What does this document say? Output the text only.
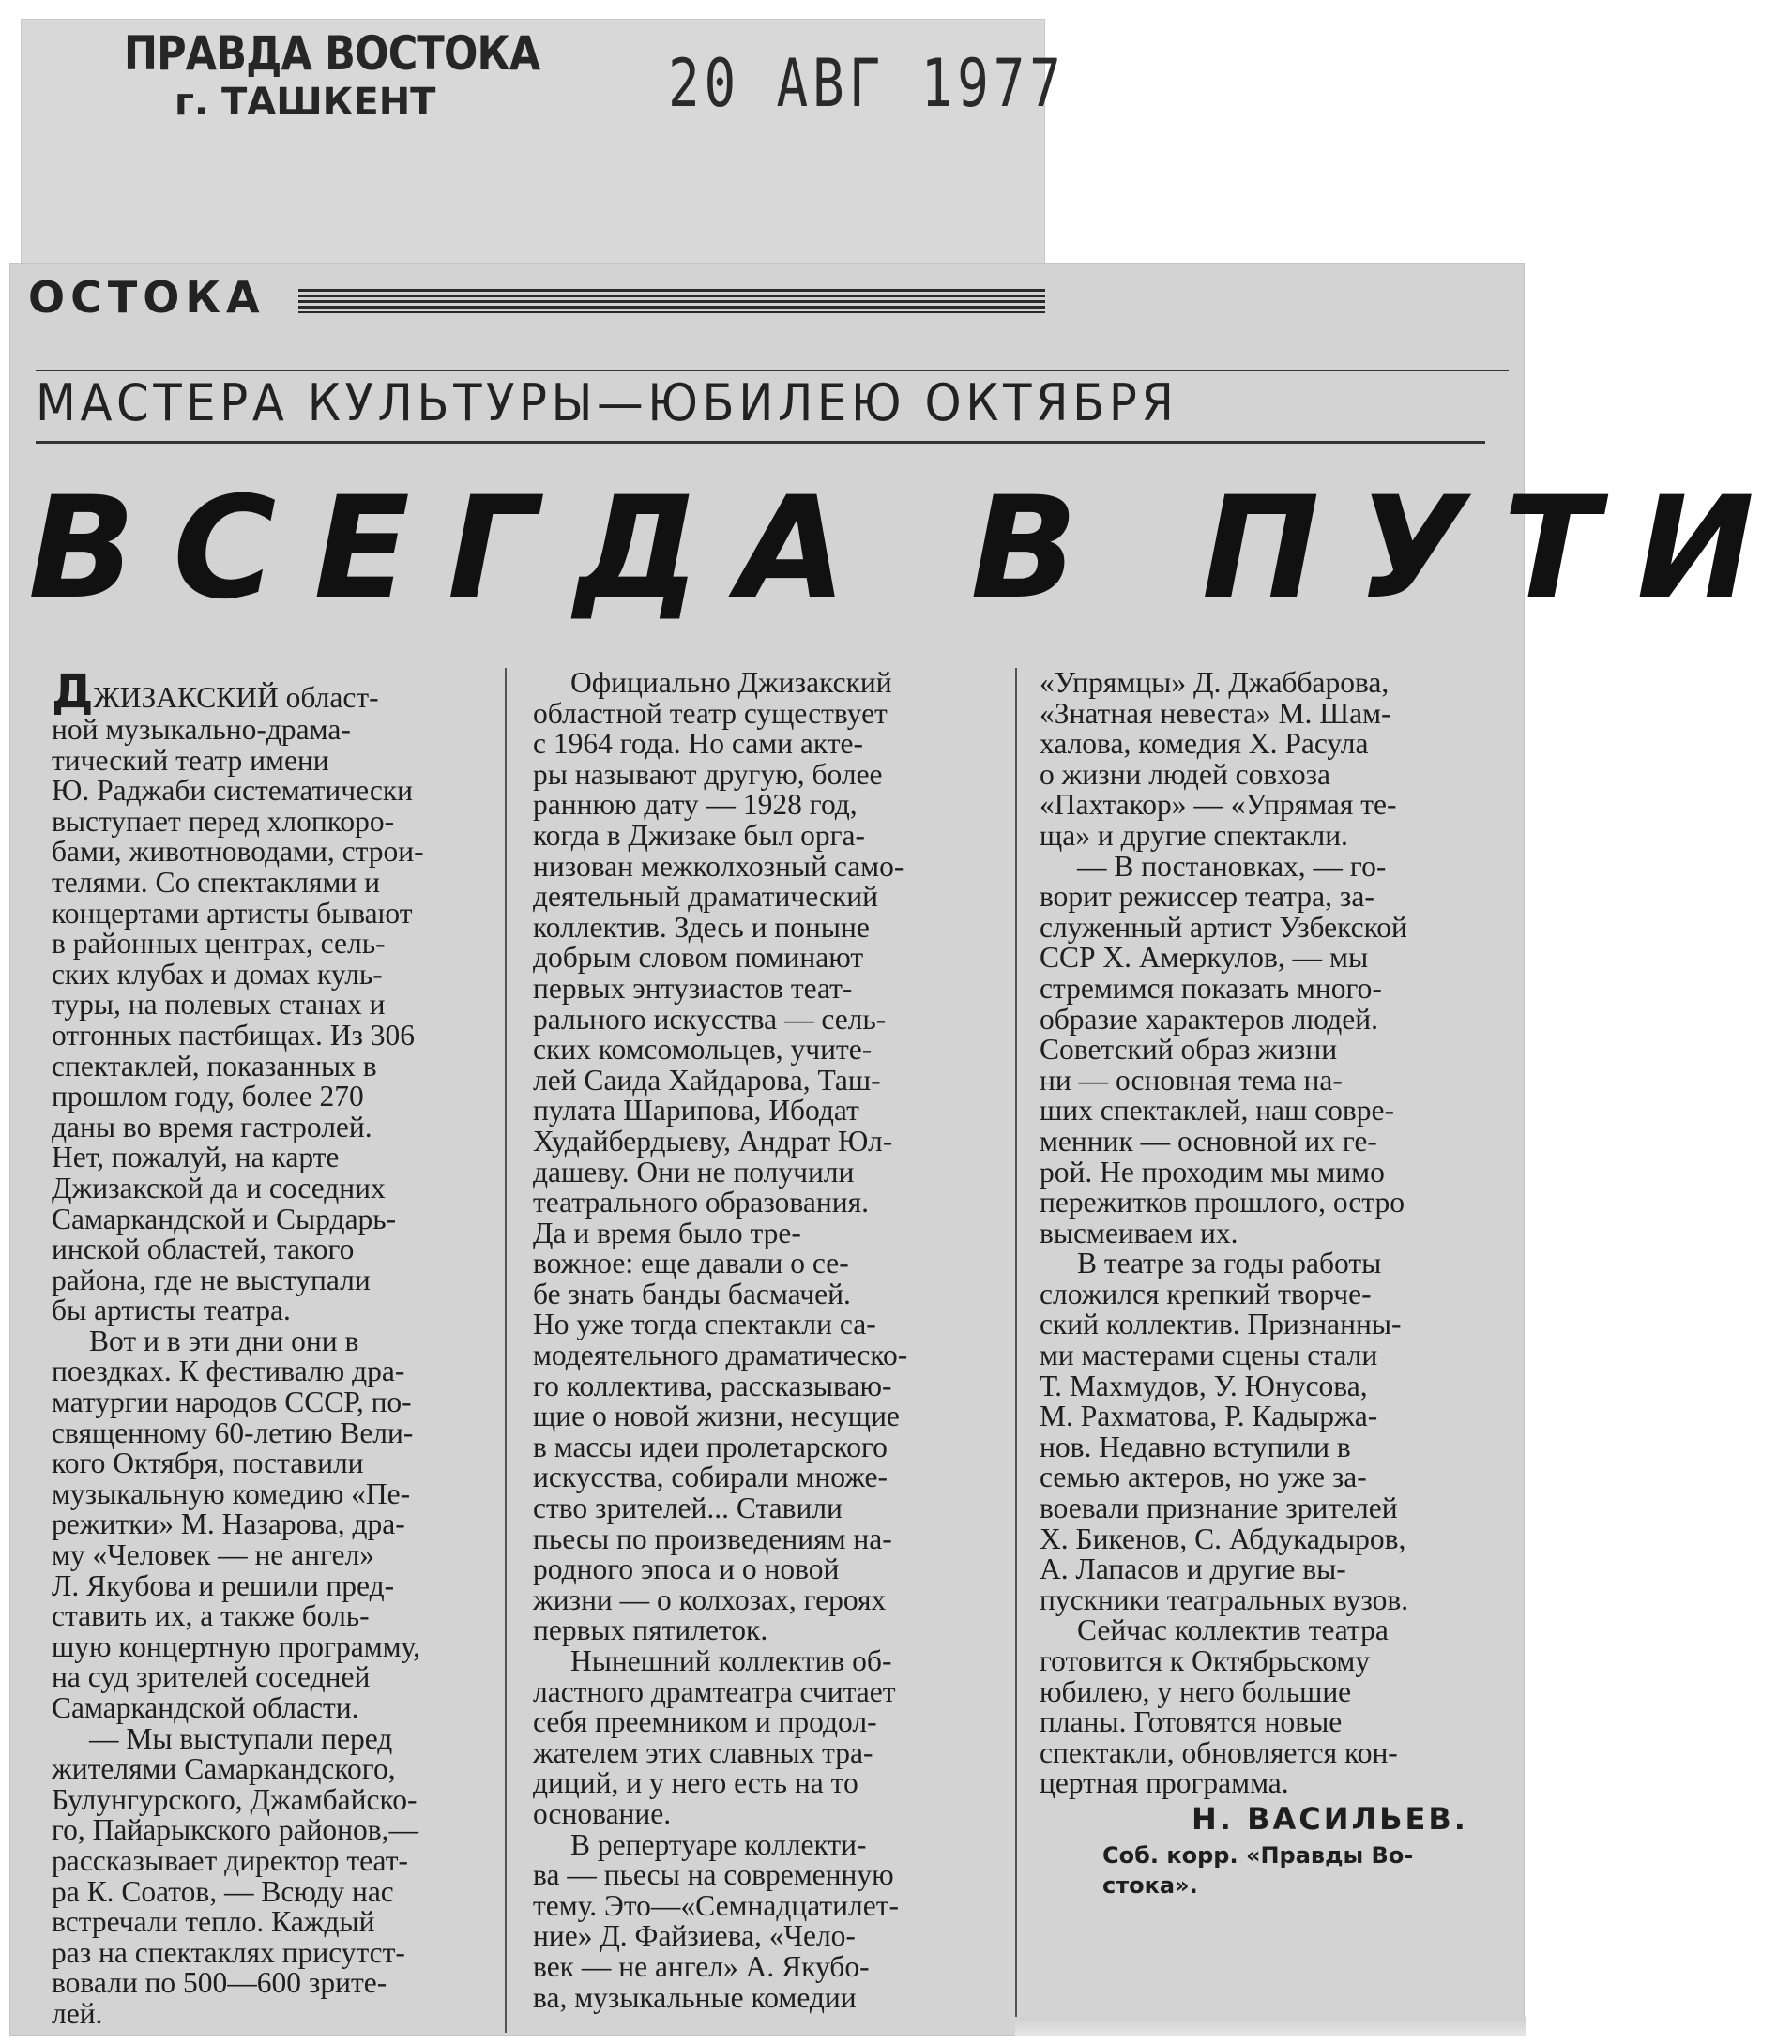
ПРАВДА ВОСТОКА
г. ТАШКЕНТ	20 АВГ 1977
ОСТОКА
МАСТЕРА КУЛЬТУРЫ—ЮБИЛЕЮ ОКТЯБРЯ
ВСЕГДА В ПУТИ

ДЖИЗАКСКИЙ област-
ной музыкально-драма-
тический театр имени
Ю. Раджаби систематически
выступает перед хлопкоро-
бами, животноводами, строи-
телями. Со спектаклями и
концертами артисты бывают
в районных центрах, сель-
ских клубах и домах куль-
туры, на полевых станах и
отгонных пастбищах. Из 306
спектаклей, показанных в
прошлом году, более 270
даны во время гастролей.
Нет, пожалуй, на карте
Джизакской да и соседних
Самаркандской и Сырдарь-
инской областей, такого
района, где не выступали
бы артисты театра.

Вот и в эти дни они в
поездках. К фестивалю дра-
матургии народов СССР, по-
священному 60-летию Вели-
кого Октября, поставили
музыкальную комедию «Пе-
режитки» М. Назарова, дра-
му «Человек — не ангел»
Л. Якубова и решили пред-
ставить их, а также боль-
шую концертную программу,
на суд зрителей соседней
Самаркандской области.

— Мы выступали перед
жителями Самаркандского,
Булунгурского, Джамбайско-
го, Пайарыкского районов,—
рассказывает директор теат-
ра К. Соатов, — Всюду нас
встречали тепло. Каждый
раз на спектаклях присутст-
вовали по 500—600 зрите-
лей.

Официально Джизакский
областной театр существует
с 1964 года. Но сами акте-
ры называют другую, более
раннюю дату — 1928 год,
когда в Джизаке был орга-
низован межколхозный само-
деятельный драматический
коллектив. Здесь и поныне
добрым словом поминают
первых энтузиастов теат-
рального искусства — сель-
ских комсомольцев, учите-
лей Саида Хайдарова, Таш-
пулата Шарипова, Ибодат
Худайбердыеву, Андрат Юл-
дашеву. Они не получили
театрального образования.
Да и время было тре-
вожное: еще давали о се-
бе знать банды басмачей.
Но уже тогда спектакли са-
модеятельного драматическо-
го коллектива, рассказываю-
щие о новой жизни, несущие
в массы идеи пролетарского
искусства, собирали множе-
ство зрителей... Ставили
пьесы по произведениям на-
родного эпоса и о новой
жизни — о колхозах, героях
первых пятилеток.

Нынешний коллектив об-
ластного драмтеатра считает
себя преемником и продол-
жателем этих славных тра-
диций, и у него есть на то
основание.

В репертуаре коллекти-
ва — пьесы на современную
тему. Это—«Семнадцатилет-
ние» Д. Файзиева, «Чело-
век — не ангел» А. Якубо-
ва, музыкальные комедии

«Упрямцы» Д. Джаббарова,
«Знатная невеста» М. Шам-
халова, комедия Х. Расула
о жизни людей совхоза
«Пахтакор» — «Упрямая те-
ща» и другие спектакли.

— В постановках, — го-
ворит режиссер театра, за-
служенный артист Узбекской
ССР Х. Амеркулов, — мы
стремимся показать много-
образие характеров людей.
Советский образ жизни
ни — основная тема на-
ших спектаклей, наш совре-
менник — основной их ге-
рой. Не проходим мы мимо
пережитков прошлого, остро
высмеиваем их.

В театре за годы работы
сложился крепкий творче-
ский коллектив. Признанны-
ми мастерами сцены стали
Т. Махмудов, У. Юнусова,
М. Рахматова, Р. Кадыржа-
нов. Недавно вступили в
семью актеров, но уже за-
воевали признание зрителей
Х. Бикенов, С. Абдукадыров,
А. Лапасов и другие вы-
пускники театральных вузов.

Сейчас коллектив театра
готовится к Октябрьскому
юбилею, у него большие
планы. Готовятся новые
спектакли, обновляется кон-
цертная программа.

Н. ВАСИЛЬЕВ.
Соб. корр. «Правды Во-
стока».
